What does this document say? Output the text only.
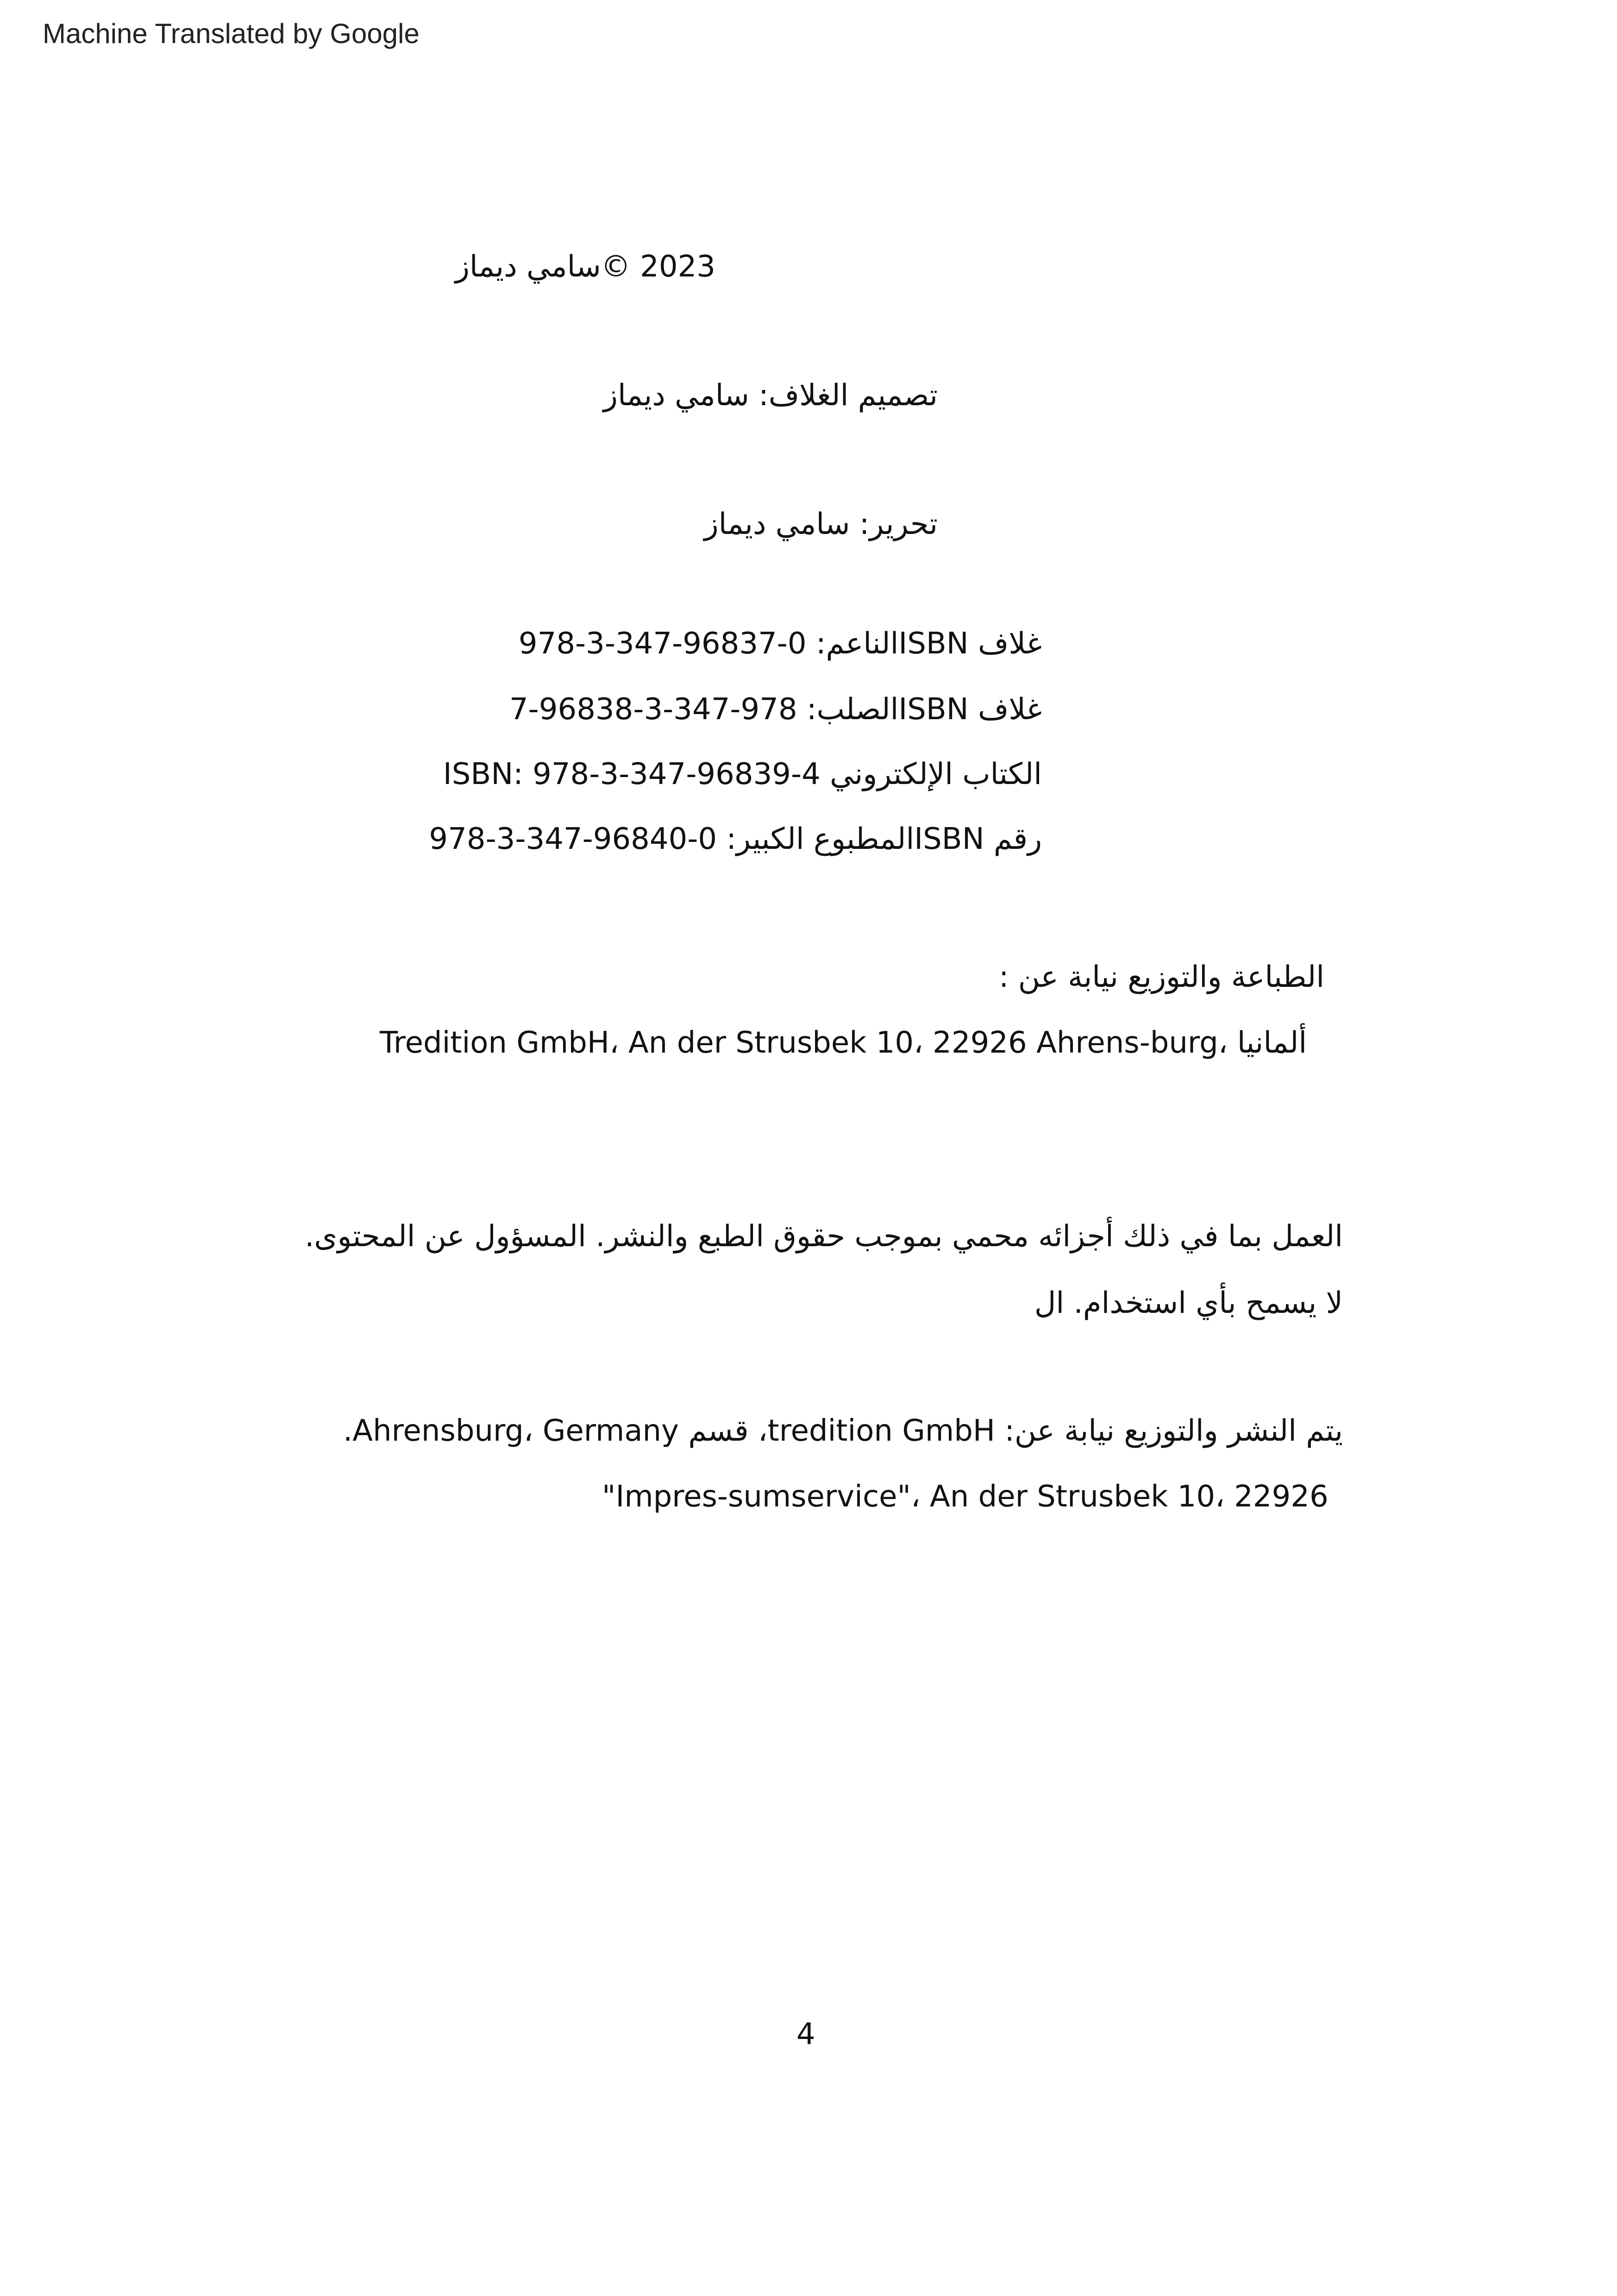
Machine Translated by Google
2023 ©سامي ديماز
تصميم الغلاف: سامي ديماز
تحرير: سامي ديماز
غلاف ISBNالناعم: 0-96837-347-3-978
غلاف ISBNالصلب: 978-347-3-96838-7
الكتاب الإلكتروني 4-96839-347-3-978 :ISBN
رقم ISBNالمطبوع الكبير: 0-96840-347-3-978
الطباعة والتوزيع نيابة عن :
Tredition GmbH، An der Strusbek 10، 22926 Ahrens-burg، ألمانيا
العمل بما في ذلك أجزائه محمي بموجب حقوق الطبع والنشر. المسؤول عن المحتوى.
لا يسمح بأي استخدام. ال
يتم النشر والتوزيع نيابة عن: tredition GmbH، قسم Ahrensburg، Germany.
"Impres-sumservice"، An der Strusbek 10، 22926
4
